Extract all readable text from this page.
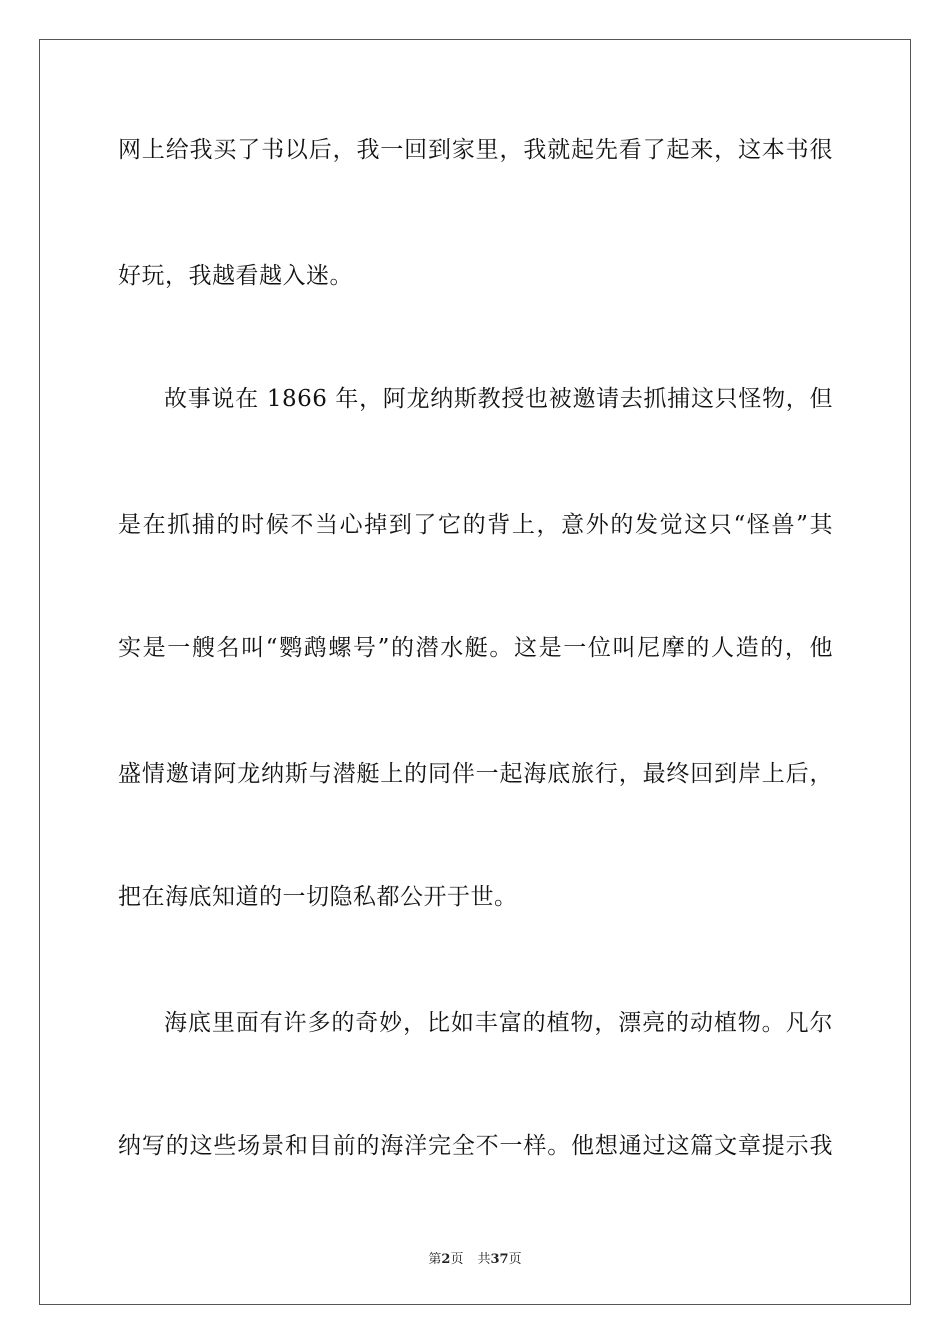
网上给我买了书以后，我一回到家里，我就起先看了起来，这本书很
好玩，我越看越入迷。
故事说在 1866 年，阿龙纳斯教授也被邀请去抓捕这只怪物，但
是在抓捕的时候不当心掉到了它的背上，意外的发觉这只“怪兽”其
实是一艘名叫“鹦鹉螺号”的潜水艇。这是一位叫尼摩的人造的，他
盛情邀请阿龙纳斯与潜艇上的同伴一起海底旅行，最终回到岸上后，
把在海底知道的一切隐私都公开于世。
海底里面有许多的奇妙，比如丰富的植物，漂亮的动植物。凡尔
纳写的这些场景和目前的海洋完全不一样。他想通过这篇文章提示我
第2页 共37页
